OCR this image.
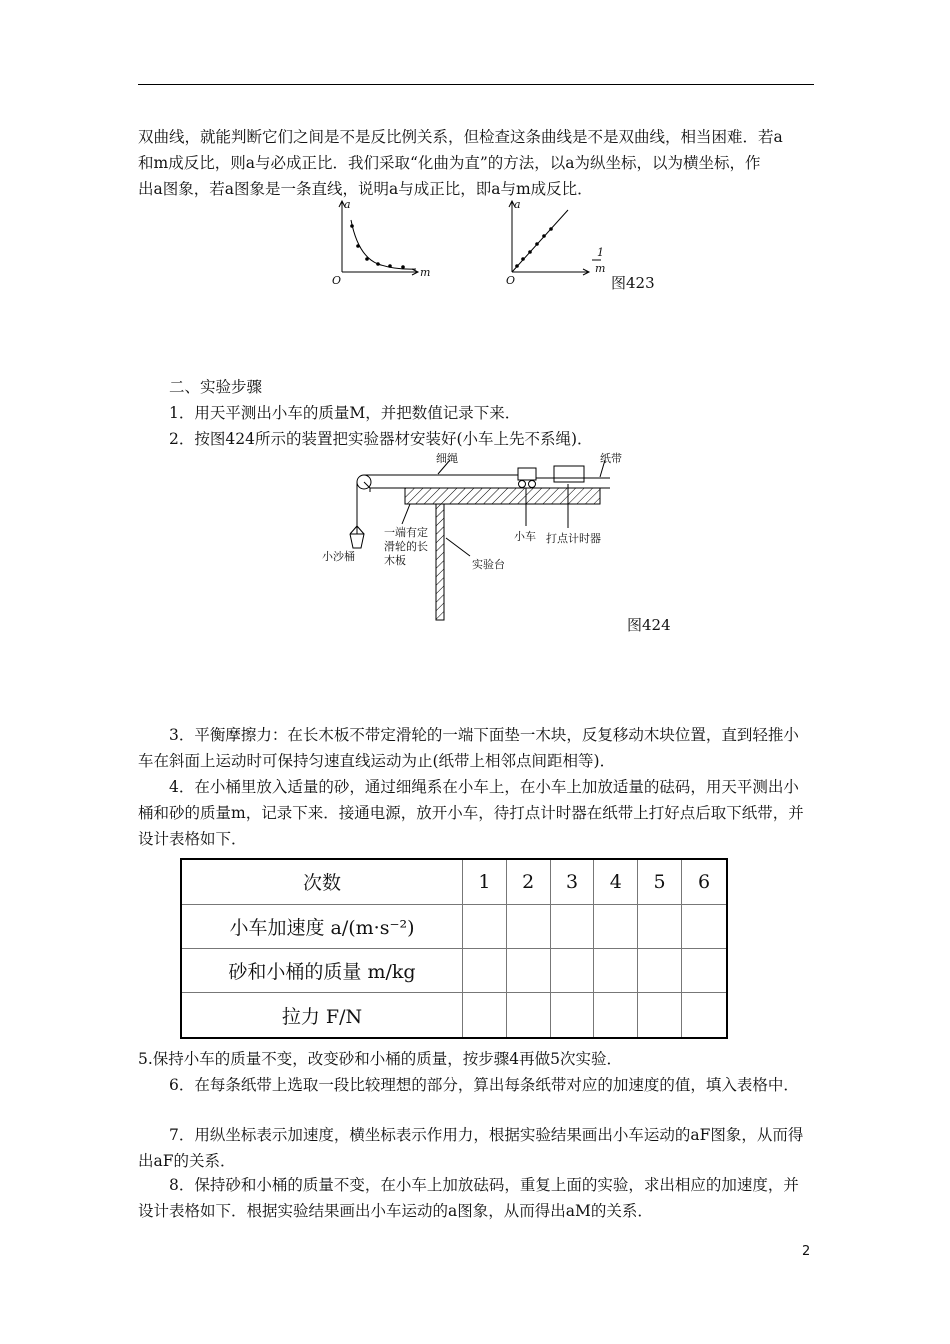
双曲线，就能判断它们之间是不是反比例关系，但检查这条曲线是不是双曲线，相当困难．若a

和m成反比，则a与必成正比．我们采取“化曲为直”的方法，以a为纵坐标，以为横坐标，作

出a图象，若a图象是一条直线，说明a与成正比，即a与m成反比．

a
m
O
a
1
m
O	图423

二、实验步骤

1．用天平测出小车的质量M，并把数值记录下来．

2．按图424所示的装置把实验器材安装好(小车上先不系绳)．

细绳	纸带
小沙桶
一端有定
滑轮的长
木板
小车 打点计时器
实验台
图424

3．平衡摩擦力：在长木板不带定滑轮的一端下面垫一木块，反复移动木块位置，直到轻推小车在斜面上运动时可保持匀速直线运动为止(纸带上相邻点间距相等)．

4．在小桶里放入适量的砂，通过细绳系在小车上，在小车上加放适量的砝码，用天平测出小桶和砂的质量m，记录下来．接通电源，放开小车，待打点计时器在纸带上打好点后取下纸带，并设计表格如下．

次数	1	2	3	4	5	6
小车加速度 a/(m·s⁻²)						
砂和小桶的质量 m/kg						
拉力 F/N						

5.保持小车的质量不变，改变砂和小桶的质量，按步骤4再做5次实验．

6．在每条纸带上选取一段比较理想的部分，算出每条纸带对应的加速度的值，填入表格中．

7．用纵坐标表示加速度，横坐标表示作用力，根据实验结果画出小车运动的aF图象，从而得出aF的关系．

8．保持砂和小桶的质量不变，在小车上加放砝码，重复上面的实验，求出相应的加速度，并设计表格如下．根据实验结果画出小车运动的a图象，从而得出aM的关系．

2
